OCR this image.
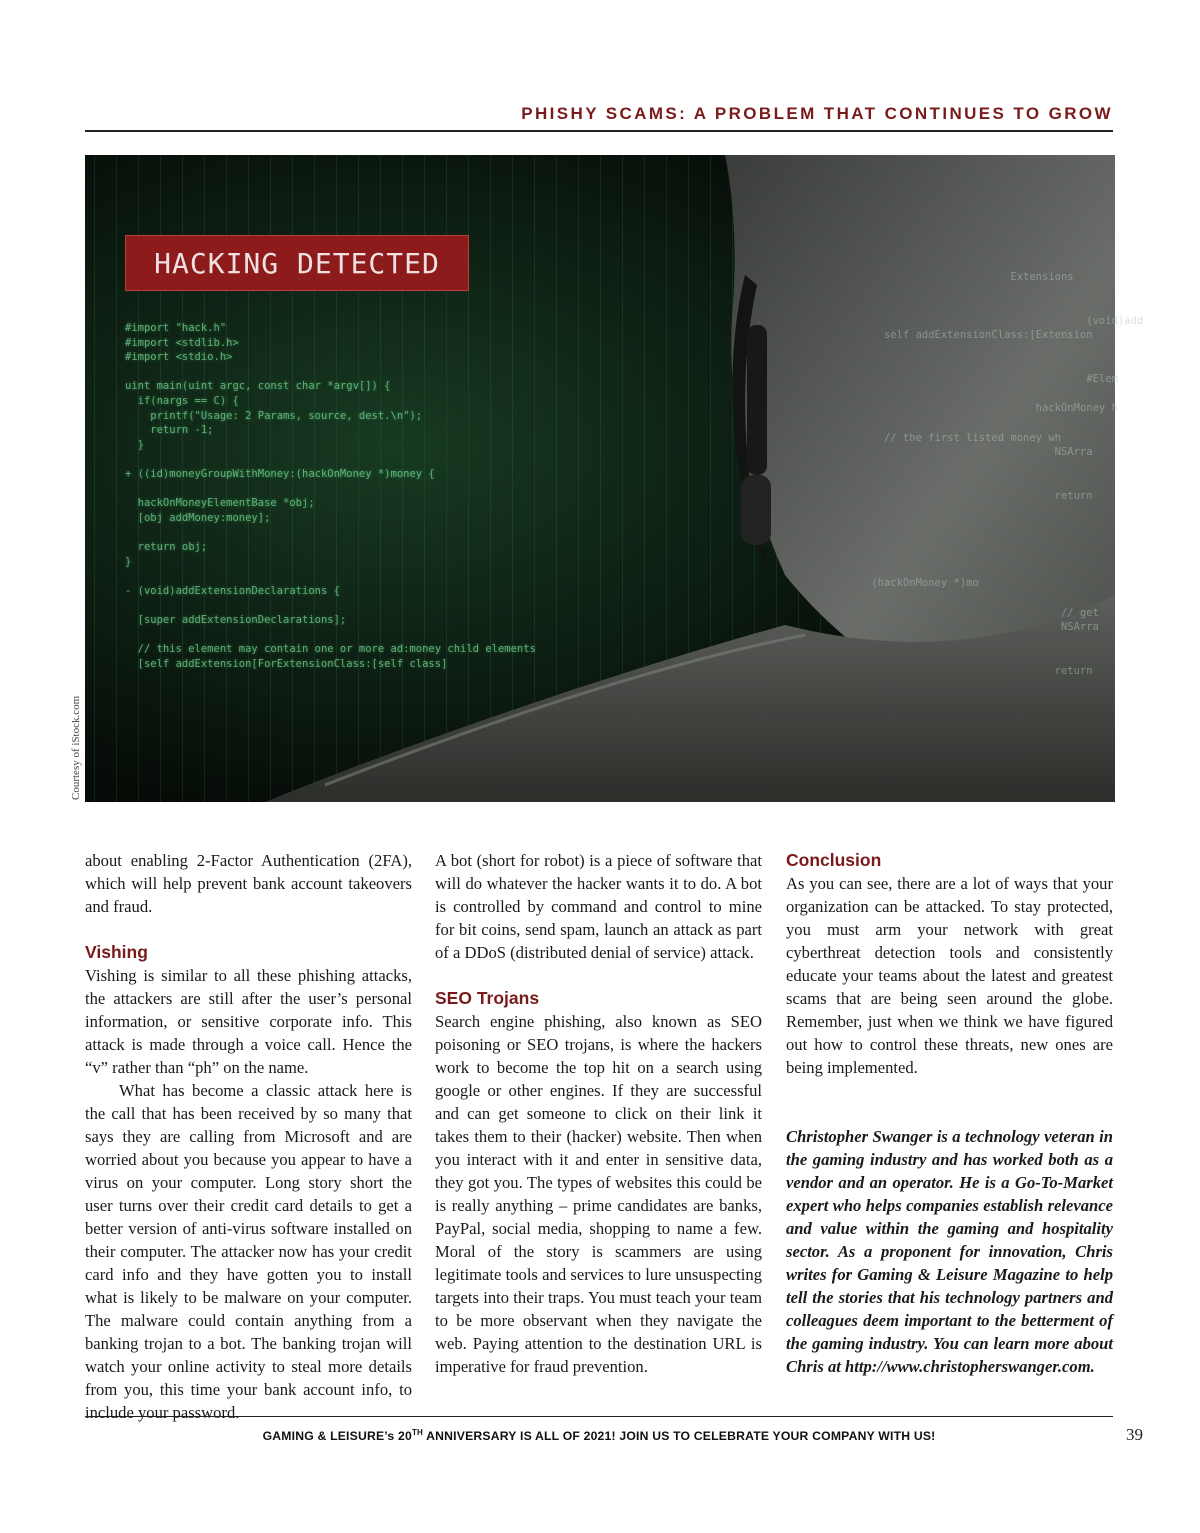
PHISHY SCAMS: A PROBLEM THAT CONTINUES TO GROW
Courtesy of iStock.com
HACKING DETECTED
#import "hack.h"
#import <stdlib.h>
#import <stdio.h>

uint main(uint argc, const char *argv[]) {
if(nargs == C) {
printf("Usage: 2 Params, source, dest.\n");
return -1;
}

+ ((id)moneyGroupWithMoney:(hackOnMoney *)money {

hackOnMoneyElementBase *obj;
[obj addMoney:money];

return obj;
}

- (void)addExtensionDeclarations {

[super addExtensionDeclarations];

// this element may contain one or more ad:money child elements
[self addExtension[ForExtensionClass:[self class]
Extensions

(void)add
self addExtensionClass:[Extension

#Elem

hackOnMoney h

// the first listed money wh
NSArra

return

(hackOnMoney *)mo

// get
NSArra

return

about enabling 2-Factor Authentication (2FA), which will help prevent bank account takeovers and fraud.

Vishing

Vishing is similar to all these phishing attacks, the attackers are still after the user’s personal information, or sensitive corporate info. This attack is made through a voice call. Hence the “v” rather than “ph” on the name.

What has become a classic attack here is the call that has been received by so many that says they are calling from Microsoft and are worried about you because you appear to have a virus on your computer. Long story short the user turns over their credit card details to get a better version of anti-virus software installed on their computer. The attacker now has your credit card info and they have gotten you to install what is likely to be malware on your computer. The malware could contain anything from a banking trojan to a bot. The banking trojan will watch your online activity to steal more details from you, this time your bank account info, to include your password.

A bot (short for robot) is a piece of software that will do whatever the hacker wants it to do. A bot is controlled by command and control to mine for bit coins, send spam, launch an attack as part of a DDoS (distributed denial of service) attack.

SEO Trojans

Search engine phishing, also known as SEO poisoning or SEO trojans, is where the hackers work to become the top hit on a search using google or other engines. If they are successful and can get someone to click on their link it takes them to their (hacker) website. Then when you interact with it and enter in sensitive data, they got you. The types of websites this could be is really anything – prime candidates are banks, PayPal, social media, shopping to name a few. Moral of the story is scammers are using legitimate tools and services to lure unsuspecting targets into their traps. You must teach your team to be more observant when they navigate the web. Paying attention to the destination URL is imperative for fraud prevention.

Conclusion

As you can see, there are a lot of ways that your organization can be attacked. To stay protected, you must arm your network with great cyberthreat detection tools and consistently educate your teams about the latest and greatest scams that are being seen around the globe. Remember, just when we think we have figured out how to control these threats, new ones are being implemented.

Christopher Swanger is a technology veteran in the gaming industry and has worked both as a vendor and an operator. He is a Go-To-Market expert who helps companies establish relevance and value within the gaming and hospitality sector. As a proponent for innovation, Chris writes for Gaming & Leisure Magazine to help tell the stories that his technology partners and colleagues deem important to the betterment of the gaming industry. You can learn more about Chris at http://www.christopherswanger.com.

GAMING & LEISURE’s 20TH ANNIVERSARY IS ALL OF 2021! JOIN US TO CELEBRATE YOUR COMPANY WITH US!	39
